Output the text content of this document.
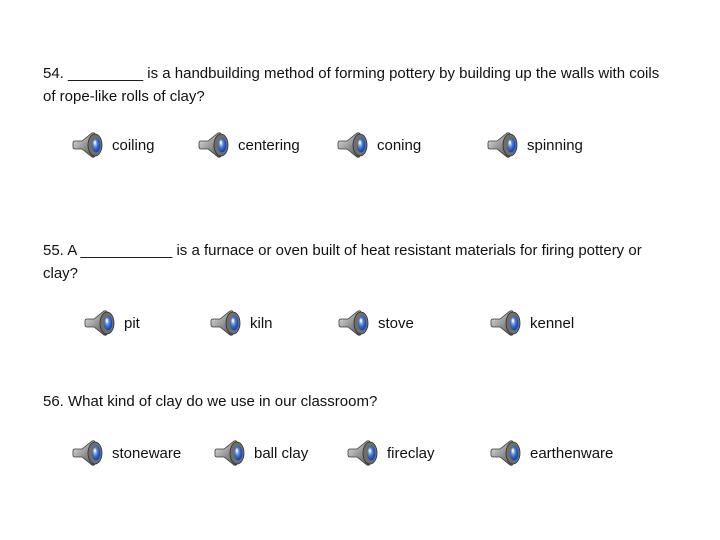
54. _________ is a handbuilding method of forming pottery by building up the walls with coils of rope-like rolls of clay?

coiling	centering	coning	spinning

55. A ___________ is a furnace or oven built of heat resistant materials for firing pottery or clay?

pit	kiln	stove	kennel

56. What kind of clay do we use in our classroom?

stoneware	ball clay	fireclay	earthenware
